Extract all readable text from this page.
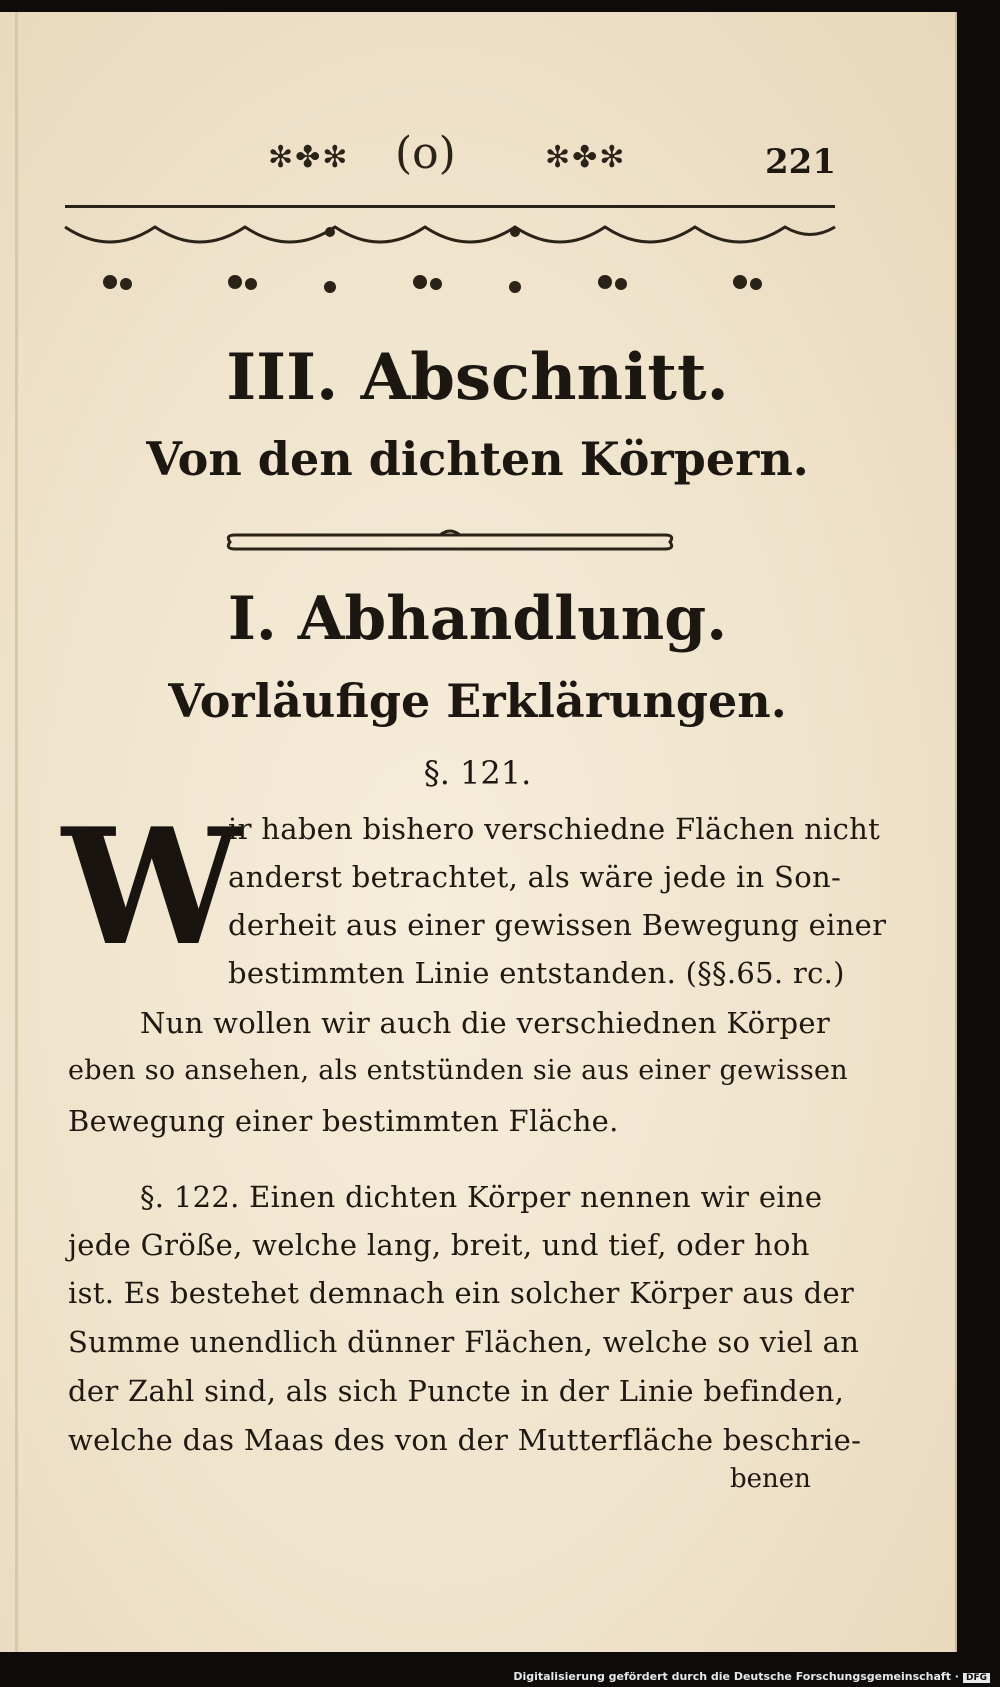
✻✤✻ (o)	✻✤✻	221
III. Abschnitt.
Von den dichten Körpern.
I. Abhandlung.
Vorläufige Erklärungen.
§. 121.
W
ir haben bishero verschiedne Flächen nicht
anderst betrachtet, als wäre jede in Son-
derheit aus einer gewissen Bewegung einer
bestimmten Linie entstanden. (§§.65. rc.)
Nun wollen wir auch die verschiednen Körper
eben so ansehen, als entstünden sie aus einer gewissen
Bewegung einer bestimmten Fläche.
§. 122. Einen dichten Körper nennen wir eine
jede Größe, welche lang, breit, und tief, oder hoh
ist. Es bestehet demnach ein solcher Körper aus der
Summe unendlich dünner Flächen, welche so viel an
der Zahl sind, als sich Puncte in der Linie befinden,
welche das Maas des von der Mutterfläche beschrie-
benen
Digitalisierung gefördert durch die Deutsche Forschungsgemeinschaft · DFG
